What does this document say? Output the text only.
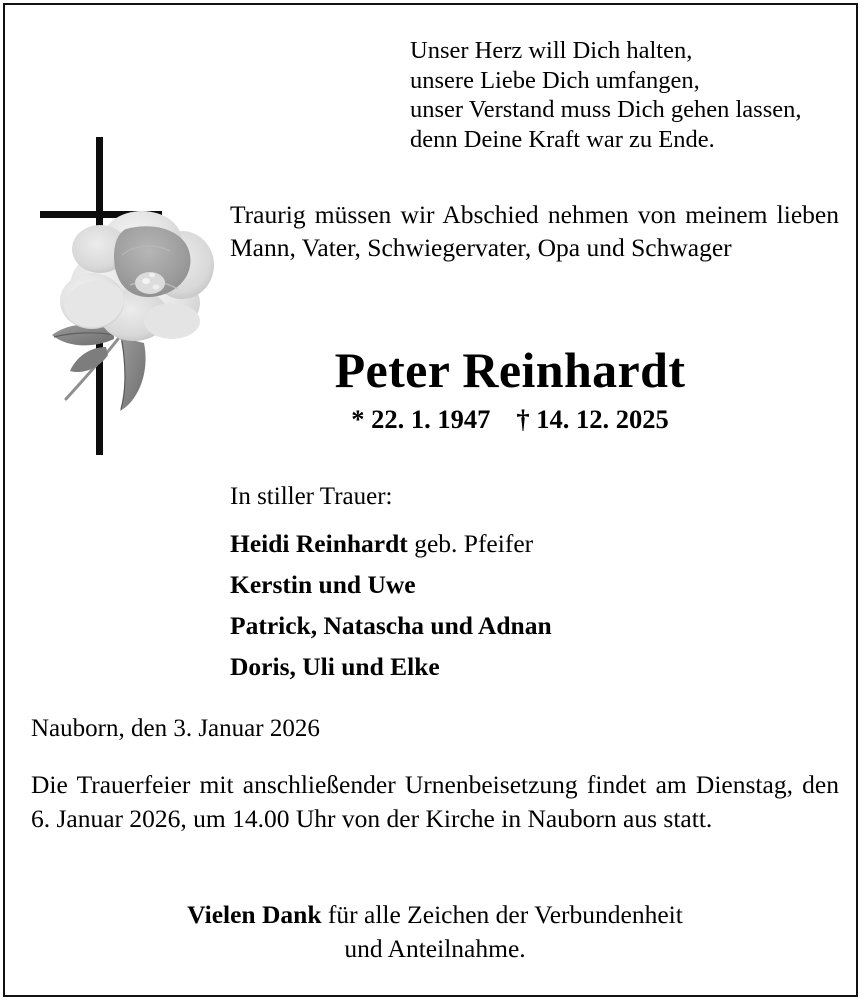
Unser Herz will Dich halten,
unsere Liebe Dich umfangen,
unser Verstand muss Dich gehen lassen,
denn Deine Kraft war zu Ende.
Traurig müssen wir Abschied nehmen von meinem lieben Mann, Vater, Schwiegervater, Opa und Schwager
Peter Reinhardt
* 22. 1. 1947 † 14. 12. 2025
In stiller Trauer:
Heidi Reinhardt geb. Pfeifer
Kerstin und Uwe
Patrick, Natascha und Adnan
Doris, Uli und Elke
Nauborn, den 3. Januar 2026
Die Trauerfeier mit anschließender Urnenbeisetzung findet am Dienstag, den 6. Januar 2026, um 14.00 Uhr von der Kirche in Nauborn aus statt.
Vielen Dank für alle Zeichen der Verbundenheit
und Anteilnahme.
